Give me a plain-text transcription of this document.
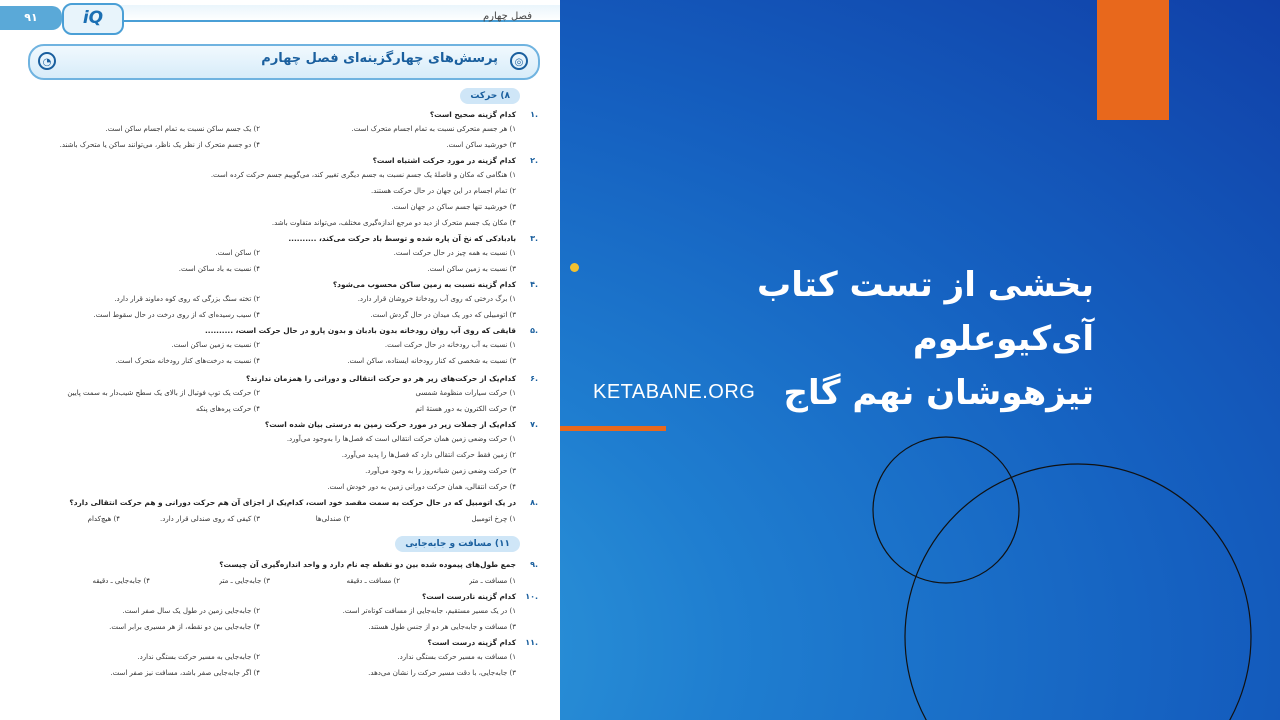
۹۱	iQ	فصل چهارم
◔	◎
پرسش‌های چهارگزینه‌ای فصل چهارم
۸) حرکت
۱۱) مسافت و جابه‌جایی
۱.
کدام گزینه صحیح است؟
۱) هر جسم متحرکی نسبت به تمام اجسام متحرک است.
۲) یک جسم ساکن نسبت به تمام اجسام ساکن است.
۳) خورشید ساکن است.
۴) دو جسم متحرک از نظر یک ناظر، می‌توانند ساکن یا متحرک باشند.
۲.
کدام گزینه در مورد حرکت اشتباه است؟
۱) هنگامی که مکان و فاصلهٔ یک جسم نسبت به جسم دیگری تغییر کند، می‌گوییم جسم حرکت کرده است.
۲) تمام اجسام در این جهان در حال حرکت هستند.
۳) خورشید تنها جسم ساکن در جهان است.
۴) مکان یک جسم متحرک از دید دو مرجع اندازه‌گیری مختلف، می‌تواند متفاوت باشد.
۳.
بادبادکی که نخ آن پاره شده و توسط باد حرکت می‌کند، ..........
۱) نسبت به همه چیز در حال حرکت است.
۲) ساکن است.
۳) نسبت به زمین ساکن است.
۴) نسبت به باد ساکن است.
۴.
کدام گزینه نسبت به زمین ساکن محسوب می‌شود؟
۱) برگ درختی که روی آب رودخانهٔ خروشان قرار دارد.
۲) تخته سنگ بزرگی که روی کوه دماوند قرار دارد.
۳) اتومبیلی که دور یک میدان در حال گردش است.
۴) سیب رسیده‌ای که از روی درخت در حال سقوط است.
۵.
قایقی که روی آب روان رودخانه بدون بادبان و بدون پارو در حال حرکت است، ..........
۱) نسبت به آب رودخانه در حال حرکت است.
۲) نسبت به زمین ساکن است.
۳) نسبت به شخصی که کنار رودخانه ایستاده، ساکن است.
۴) نسبت به درخت‌های کنار رودخانه متحرک است.
۶.
کدام‌یک از حرکت‌های زیر هر دو حرکت انتقالی و دورانی را همزمان ندارند؟
۱) حرکت سیارات منظومهٔ شمسی
۲) حرکت یک توپ فوتبال از بالای یک سطح شیب‌دار به سمت پایین
۳) حرکت الکترون به دور هستهٔ اتم
۴) حرکت پره‌های پنکه
۷.
کدام‌یک از جملات زیر در مورد حرکت زمین به درستی بیان شده است؟
۱) حرکت وضعی زمین همان حرکت انتقالی است که فصل‌ها را به‌وجود می‌آورد.
۲) زمین فقط حرکت انتقالی دارد که فصل‌ها را پدید می‌آورد.
۳) حرکت وضعی زمین شبانه‌روز را به وجود می‌آورد.
۴) حرکت انتقالی، همان حرکت دورانی زمین به دور خودش است.
۸.
در یک اتومبیل که در حال حرکت به سمت مقصد خود است، کدام‌یک از اجزای آن هم حرکت دورانی و هم حرکت انتقالی دارد؟
۱) چرخ اتومبیل
۲) صندلی‌ها
۳) کیفی که روی صندلی قرار دارد.
۴) هیچ‌کدام
۹.
جمع طول‌های پیموده شده بین دو نقطه چه نام دارد و واحد اندازه‌گیری آن چیست؟
۱) مسافت ـ متر
۲) مسافت ـ دقیقه
۳) جابه‌جایی ـ متر
۴) جابه‌جایی ـ دقیقه
۱۰.
کدام گزینه نادرست است؟
۱) در یک مسیر مستقیم، جابه‌جایی از مسافت کوتاه‌تر است.
۲) جابه‌جایی زمین در طول یک سال صفر است.
۳) مسافت و جابه‌جایی هر دو از جنس طول هستند.
۴) جابه‌جایی بین دو نقطه، از هر مسیری برابر است.
۱۱.
کدام گزینه درست است؟
۱) مسافت به مسیر حرکت بستگی ندارد.
۲) جابه‌جایی به مسیر حرکت بستگی ندارد.
۳) جابه‌جایی، با دقت مسیر حرکت را نشان می‌دهد.
۴) اگر جابه‌جایی صفر باشد، مسافت نیز صفر است.
بخشی از تست کتاب آی‌کیوعلوم
تیزهوشان نهم گاج
KETABANE.ORG
